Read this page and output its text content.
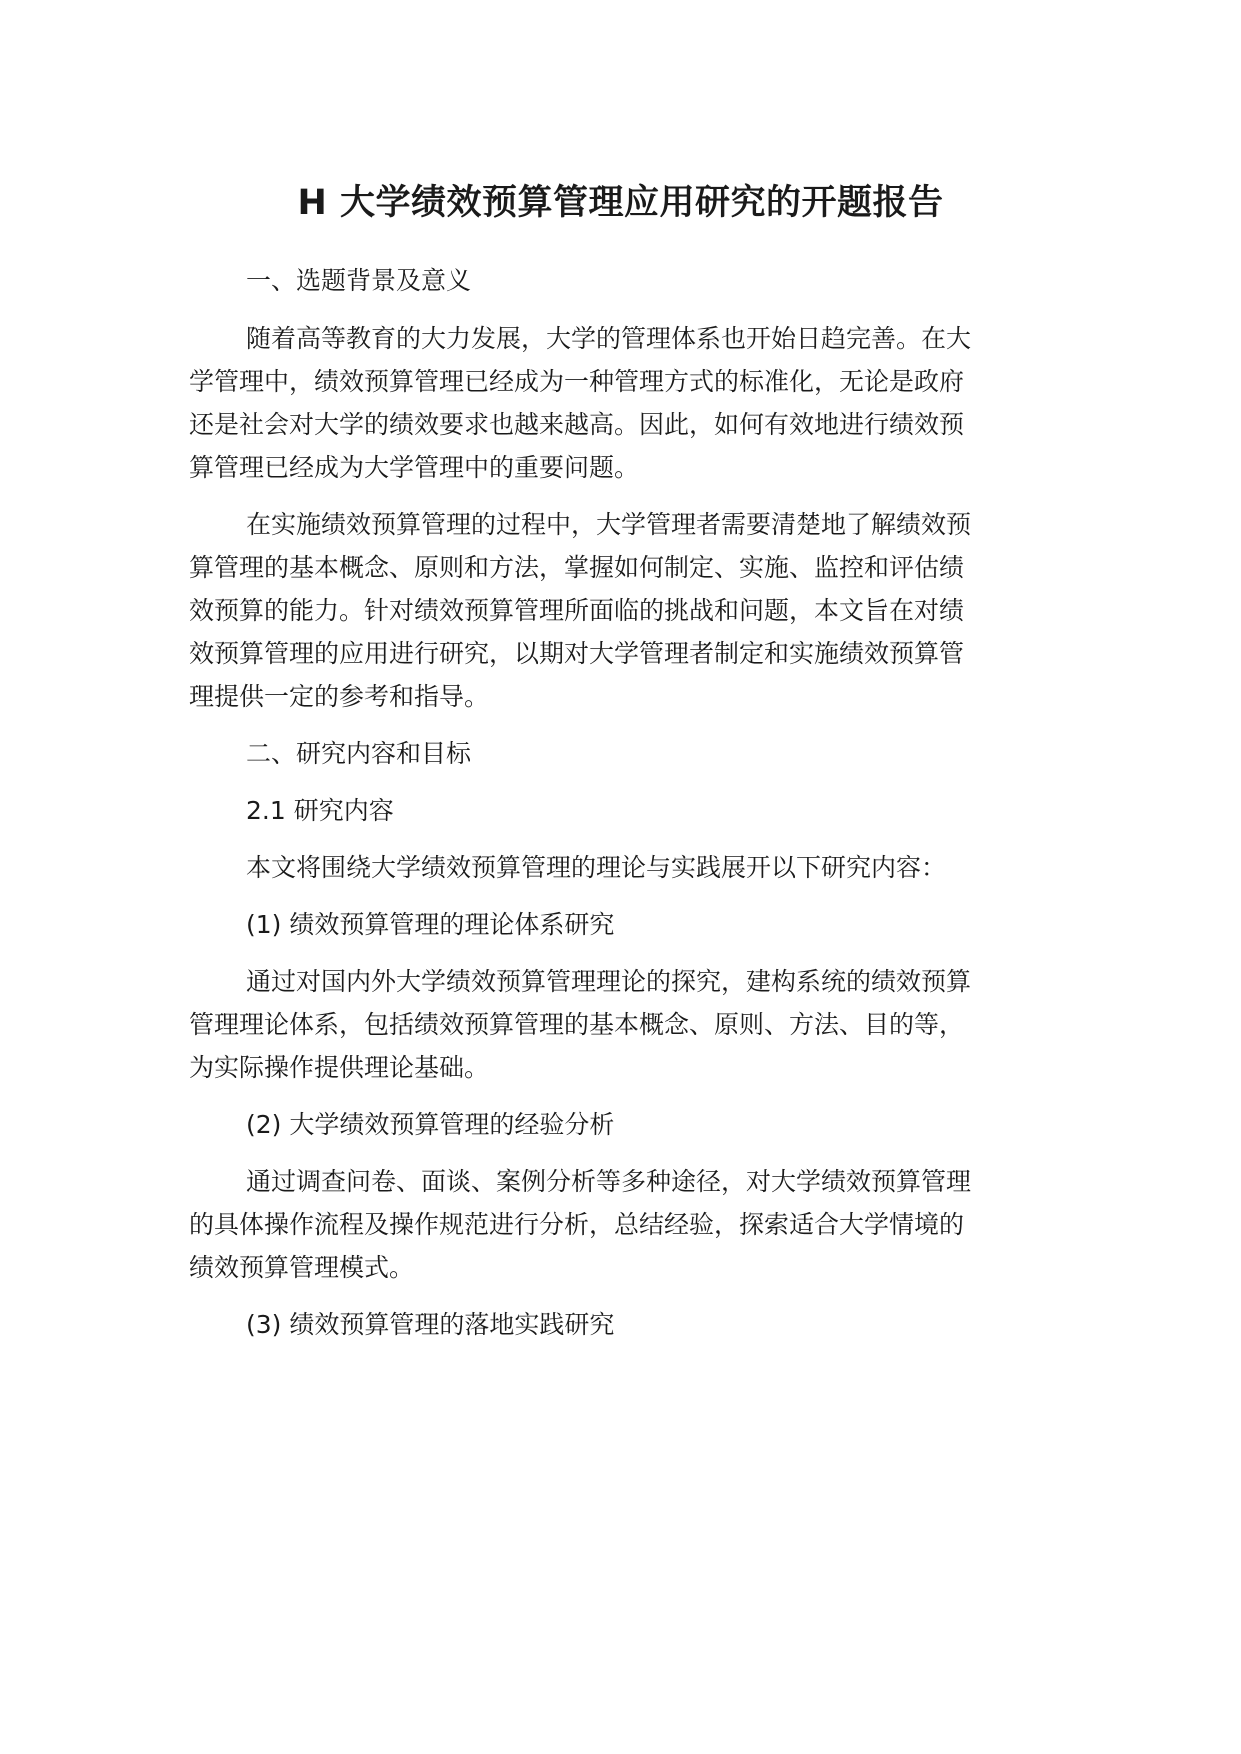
H 大学绩效预算管理应用研究的开题报告
一、选题背景及意义
随着高等教育的大力发展，大学的管理体系也开始日趋完善。在大
学管理中，绩效预算管理已经成为一种管理方式的标准化，无论是政府
还是社会对大学的绩效要求也越来越高。因此，如何有效地进行绩效预
算管理已经成为大学管理中的重要问题。
在实施绩效预算管理的过程中，大学管理者需要清楚地了解绩效预
算管理的基本概念、原则和方法，掌握如何制定、实施、监控和评估绩
效预算的能力。针对绩效预算管理所面临的挑战和问题，本文旨在对绩
效预算管理的应用进行研究，以期对大学管理者制定和实施绩效预算管
理提供一定的参考和指导。
二、研究内容和目标
2.1 研究内容
本文将围绕大学绩效预算管理的理论与实践展开以下研究内容：
(1) 绩效预算管理的理论体系研究
通过对国内外大学绩效预算管理理论的探究，建构系统的绩效预算
管理理论体系，包括绩效预算管理的基本概念、原则、方法、目的等，
为实际操作提供理论基础。
(2) 大学绩效预算管理的经验分析
通过调查问卷、面谈、案例分析等多种途径，对大学绩效预算管理
的具体操作流程及操作规范进行分析，总结经验，探索适合大学情境的
绩效预算管理模式。
(3) 绩效预算管理的落地实践研究
